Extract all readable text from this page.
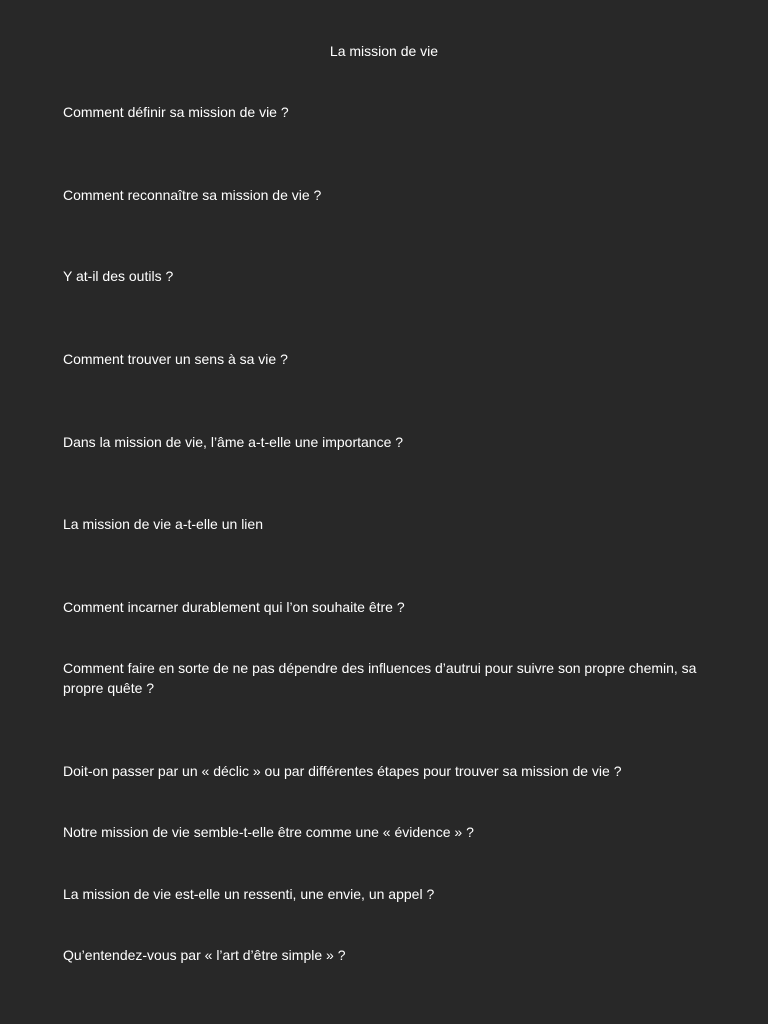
La mission de vie

Comment définir sa mission de vie ?

Comment reconnaître sa mission de vie ?

Y at-il des outils ?

Comment trouver un sens à sa vie ?

Dans la mission de vie, l’âme a-t-elle une importance ?

La mission de vie a-t-elle un lien

Comment incarner durablement qui l’on souhaite être ?

Comment faire en sorte de ne pas dépendre des influences d’autrui pour suivre son propre chemin, sa propre quête ?

Doit-on passer par un « déclic » ou par différentes étapes pour trouver sa mission de vie ?

Notre mission de vie semble-t-elle être comme une « évidence » ?

La mission de vie est-elle un ressenti, une envie, un appel ?

Qu’entendez-vous par « l’art d’être simple » ?
